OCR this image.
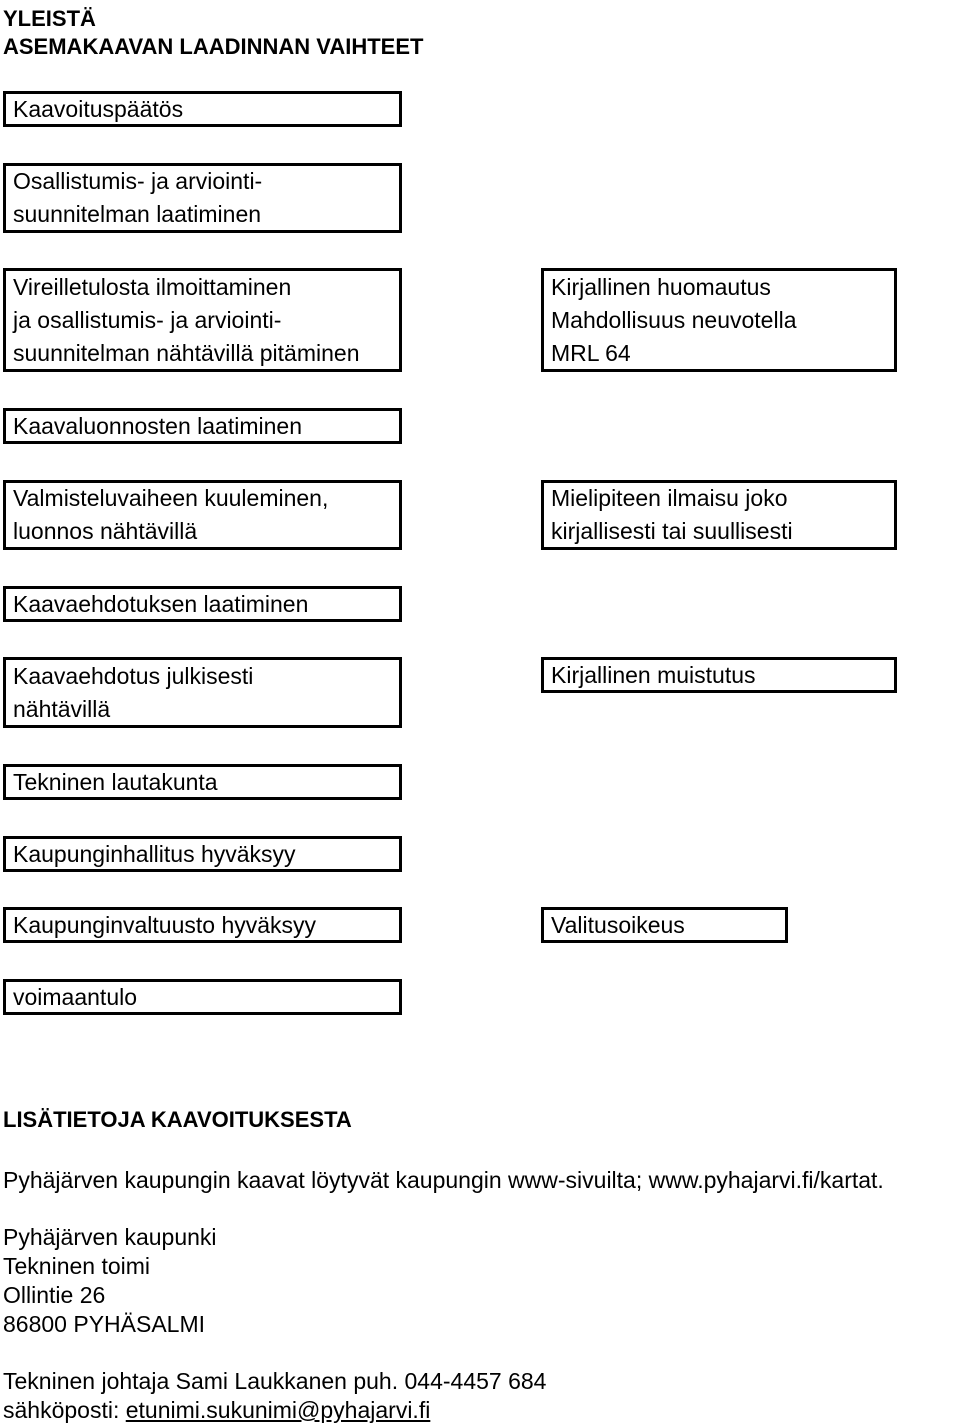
YLEISTÄ
ASEMAKAAVAN LAADINNAN VAIHTEET
Kaavoituspäätös
Osallistumis- ja arviointi-
suunnitelman laatiminen
Vireilletulosta ilmoittaminen
ja osallistumis- ja arviointi-
suunnitelman nähtävillä pitäminen
Kirjallinen huomautus
Mahdollisuus neuvotella
MRL 64
Kaavaluonnosten laatiminen
Valmisteluvaiheen kuuleminen,
luonnos nähtävillä
Mielipiteen ilmaisu joko
kirjallisesti tai suullisesti
Kaavaehdotuksen laatiminen
Kaavaehdotus julkisesti
nähtävillä
Kirjallinen muistutus
Tekninen lautakunta
Kaupunginhallitus hyväksyy
Kaupunginvaltuusto hyväksyy	Valitusoikeus
voimaantulo
LISÄTIETOJA KAAVOITUKSESTA

Pyhäjärven kaupungin kaavat löytyvät kaupungin www-sivuilta; www.pyhajarvi.fi/kartat.

Pyhäjärven kaupunki

Tekninen toimi

Ollintie 26

86800 PYHÄSALMI

Tekninen johtaja Sami Laukkanen puh. 044-4457 684

sähköposti: etunimi.sukunimi@pyhajarvi.fi
